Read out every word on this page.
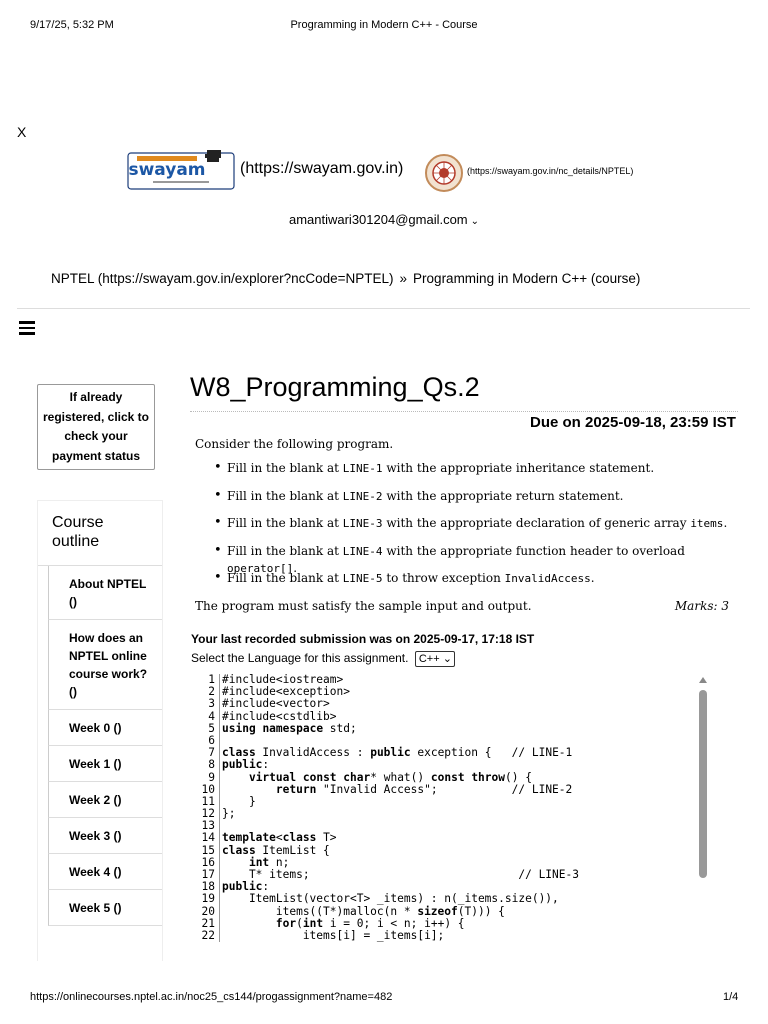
9/17/25, 5:32 PM	Programming in Modern C++ - Course
X
swayam (https://swayam.gov.in)	(https://swayam.gov.in/nc_details/NPTEL)
amantiwari301204@gmail.com ⌄
NPTEL (https://swayam.gov.in/explorer?ncCode=NPTEL) » Programming in Modern C++ (course)
If already registered, click to check your payment status
Course outline
About NPTEL ()
How does an NPTEL online course work? ()
Week 0 ()
Week 1 ()
Week 2 ()
Week 3 ()
Week 4 ()
Week 5 ()
W8_Programming_Qs.2
Due on 2025-09-18, 23:59 IST

Consider the following program.

• Fill in the blank at LINE-1 with the appropriate inheritance statement.
• Fill in the blank at LINE-2 with the appropriate return statement.
• Fill in the blank at LINE-3 with the appropriate declaration of generic array items.
• Fill in the blank at LINE-4 with the appropriate function header to overload operator[].
• Fill in the blank at LINE-5 to throw exception InvalidAccess.
The program must satisfy the sample input and output.	Marks: 3
Your last recorded submission was on 2025-09-17, 17:18 IST
Select the Language for this assignment. C++ ⌄
1 #include<iostream>
2 #include<exception>
3 #include<vector>
4 #include<cstdlib>
5 using namespace std;
6
7 class InvalidAccess : public exception {   // LINE-1
8 public:
9	virtual const char* what() const throw() {
10	return "Invalid Access";           // LINE-2
11    }
12 };
13
14 template<class T>
15 class ItemList {
16	int n;
17    T* items;                               // LINE-3
18 public:
19    ItemList(vector<T> _items) : n(_items.size()),
20        items((T*)malloc(n * sizeof(T))) {
21	for(int i = 0; i < n; i++) {
22            items[i] = _items[i];
https://onlinecourses.nptel.ac.in/noc25_cs144/progassignment?name=482	1/4
